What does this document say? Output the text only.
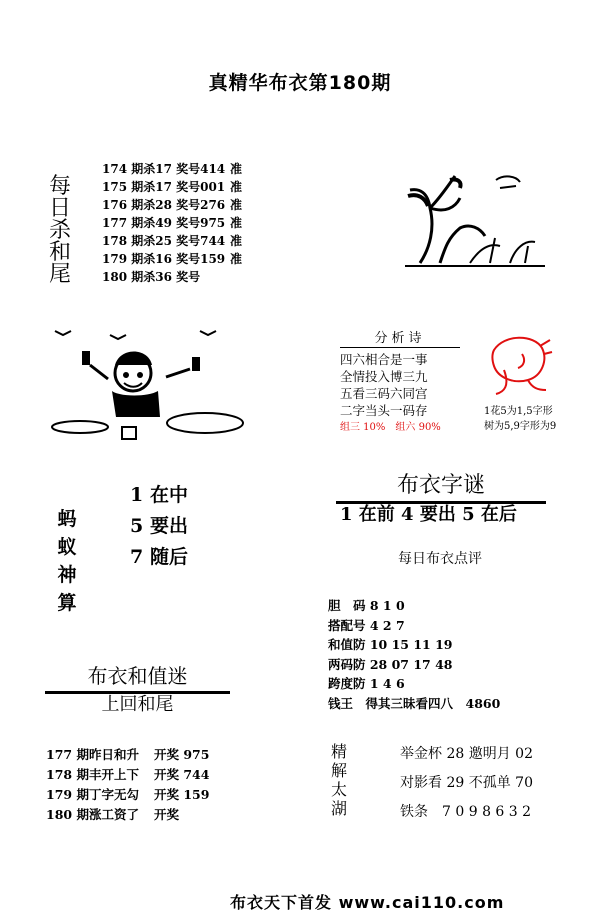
真精华布衣第180期
每
日
杀
和
尾
174 期杀17 奖号414 准
175 期杀17 奖号001 准
176 期杀28 奖号276 准
177 期杀49 奖号975 准
178 期杀25 奖号744 准
179 期杀16 奖号159 准
180 期杀36 奖号
分析诗
四六相合是一事
全情投入博三九
五看三码六同宫
二字当头一码存
组三 10%　组六 90%
1花5为1,5字形
树为5,9字形为9
蚂
蚁
神
算
1 在中
5 要出
7 随后
布衣字谜
1 在前 4 要出 5 在后
每日布衣点评
胆　码 8 1 0
搭配号 4 2 7
和值防 10 15 11 19
两码防 28 07 17 48
跨度防 1 4 6
钱王　得其三昧看四八　4860
布衣和值迷
上回和尾
177 期昨日和升 开奖 975
178 期丰开上下 开奖 744
179 期丁字无勾 开奖 159
180 期涨工资了 开奖
精
解
太
湖
举金杯 28 邀明月 02
对影看 29 不孤单 70
铁条　7 0 9 8 6 3 2
布衣天下首发 www.cai110.com
